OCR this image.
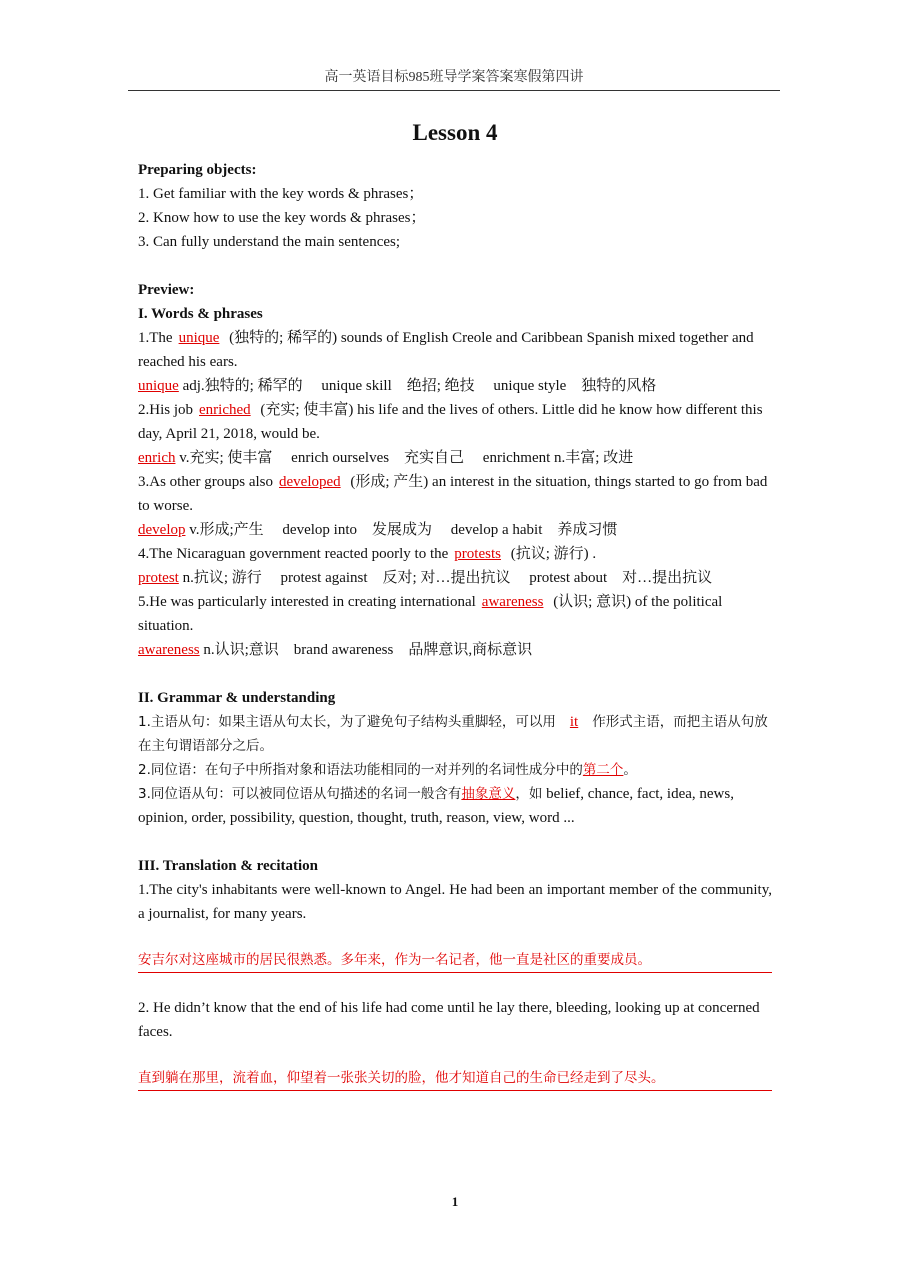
高一英语目标985班导学案答案寒假第四讲
Lesson 4

Preparing objects:

1. Get familiar with the key words & phrases；

2. Know how to use the key words & phrases；

3. Can fully understand the main sentences;

Preview:

I. Words & phrases

1.The unique (独特的; 稀罕的) sounds of English Creole and Caribbean Spanish mixed together and reached his ears.

unique adj.独特的; 稀罕的　 unique skill　绝招; 绝技　 unique style　独特的风格

2.His job enriched (充实; 使丰富) his life and the lives of others. Little did he know how different this day, April 21, 2018, would be.

enrich v.充实; 使丰富　 enrich ourselves　充实自己　 enrichment n.丰富; 改进

3.As other groups also developed (形成; 产生) an interest in the situation, things started to go from bad to worse.

develop v.形成;产生　 develop into　发展成为　 develop a habit　养成习惯

4.The Nicaraguan government reacted poorly to the protests (抗议; 游行) .

protest n.抗议; 游行　 protest against　反对; 对…提出抗议　 protest about　对…提出抗议

5.He was particularly interested in creating international awareness (认识; 意识) of the political situation.

awareness n.认识;意识　brand awareness　品牌意识,商标意识

II. Grammar & understanding

1.主语从句：如果主语从句太长，为了避免句子结构头重脚轻，可以用 it 作形式主语，而把主语从句放在主句谓语部分之后。

2.同位语：在句子中所指对象和语法功能相同的一对并列的名词性成分中的第二个。

3.同位语从句：可以被同位语从句描述的名词一般含有抽象意义，如 belief, chance, fact, idea, news, opinion, order, possibility, question, thought, truth, reason, view, word ...

III. Translation & recitation

1.The city's inhabitants were well-known to Angel. He had been an important member of the community, a journalist, for many years.

安吉尔对这座城市的居民很熟悉。多年来，作为一名记者，他一直是社区的重要成员。

2. He didn’t know that the end of his life had come until he lay there, bleeding, looking up at concerned faces.

直到躺在那里，流着血，仰望着一张张关切的脸，他才知道自己的生命已经走到了尽头。

1
